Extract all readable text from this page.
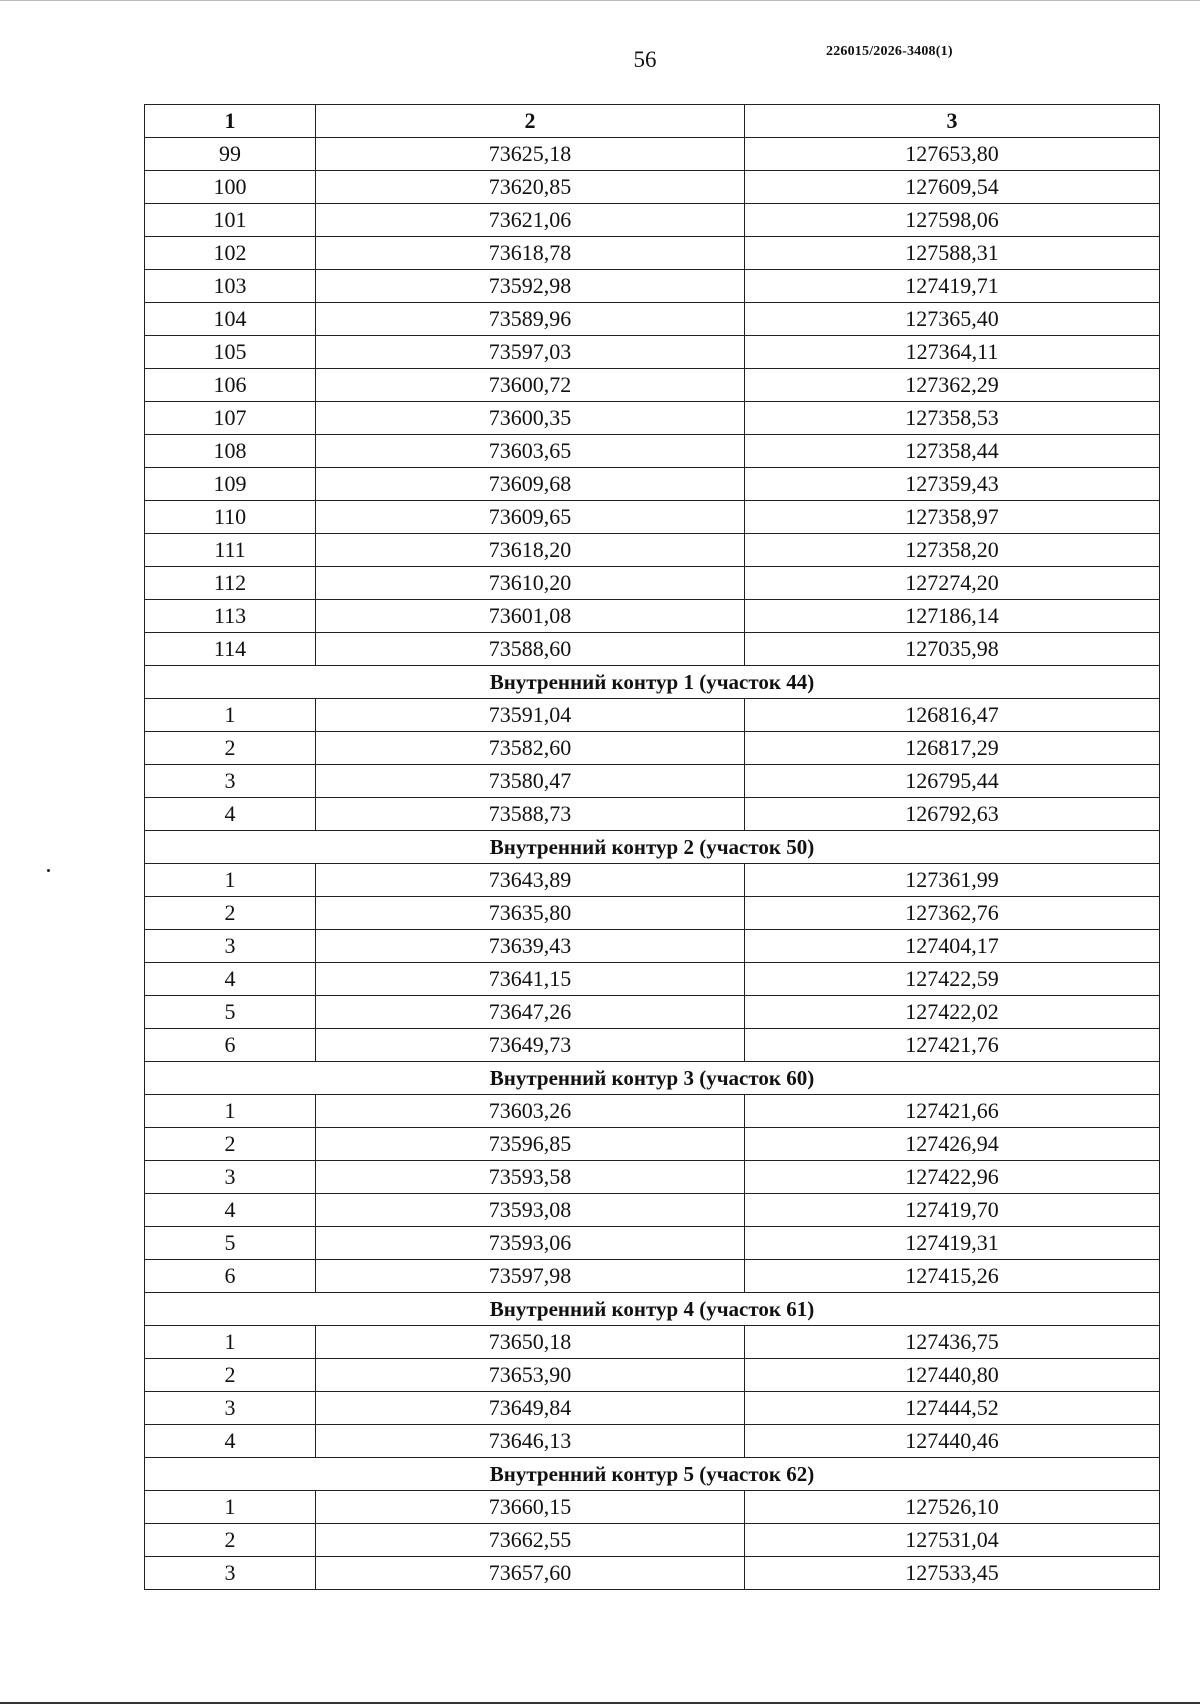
56	226015/2026-3408(1)
1	2	3
99	73625,18	127653,80
100	73620,85	127609,54
101	73621,06	127598,06
102	73618,78	127588,31
103	73592,98	127419,71
104	73589,96	127365,40
105	73597,03	127364,11
106	73600,72	127362,29
107	73600,35	127358,53
108	73603,65	127358,44
109	73609,68	127359,43
110	73609,65	127358,97
111	73618,20	127358,20
112	73610,20	127274,20
113	73601,08	127186,14
114	73588,60	127035,98
Внутренний контур 1 (участок 44)		
1	73591,04	126816,47
2	73582,60	126817,29
3	73580,47	126795,44
4	73588,73	126792,63
Внутренний контур 2 (участок 50)		
1	73643,89	127361,99
2	73635,80	127362,76
3	73639,43	127404,17
4	73641,15	127422,59
5	73647,26	127422,02
6	73649,73	127421,76
Внутренний контур 3 (участок 60)		
1	73603,26	127421,66
2	73596,85	127426,94
3	73593,58	127422,96
4	73593,08	127419,70
5	73593,06	127419,31
6	73597,98	127415,26
Внутренний контур 4 (участок 61)		
1	73650,18	127436,75
2	73653,90	127440,80
3	73649,84	127444,52
4	73646,13	127440,46
Внутренний контур 5 (участок 62)		
1	73660,15	127526,10
2	73662,55	127531,04
3	73657,60	127533,45
